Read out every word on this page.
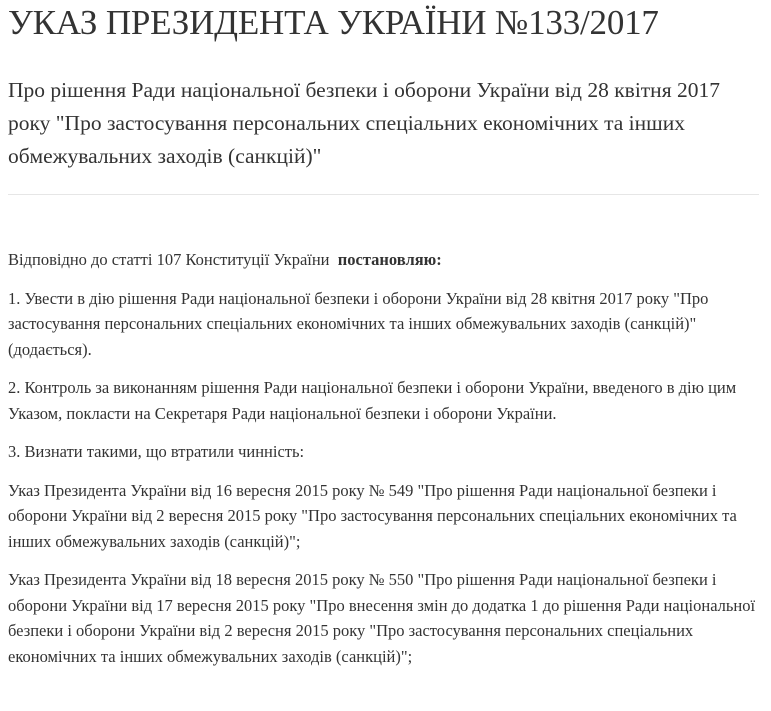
УКАЗ ПРЕЗИДЕНТА УКРАЇНИ №133/2017
Про рішення Ради національної безпеки і оборони України від 28 квітня 2017 року "Про застосування персональних спеціальних економічних та інших обмежувальних заходів (санкцій)"

Відповідно до статті 107 Конституції України постановляю:

1. Увести в дію рішення Ради національної безпеки і оборони України від 28 квітня 2017 року "Про застосування персональних спеціальних економічних та інших обмежувальних заходів (санкцій)" (додається).

2. Контроль за виконанням рішення Ради національної безпеки і оборони України, введеного в дію цим Указом, покласти на Секретаря Ради національної безпеки і оборони України.

3. Визнати такими, що втратили чинність:

Указ Президента України від 16 вересня 2015 року № 549 "Про рішення Ради національної безпеки і оборони України від 2 вересня 2015 року "Про застосування персональних спеціальних економічних та інших обмежувальних заходів (санкцій)";

Указ Президента України від 18 вересня 2015 року № 550 "Про рішення Ради національної безпеки і оборони України від 17 вересня 2015 року "Про внесення змін до додатка 1 до рішення Ради національної безпеки і оборони України від 2 вересня 2015 року "Про застосування персональних спеціальних економічних та інших обмежувальних заходів (санкцій)";
